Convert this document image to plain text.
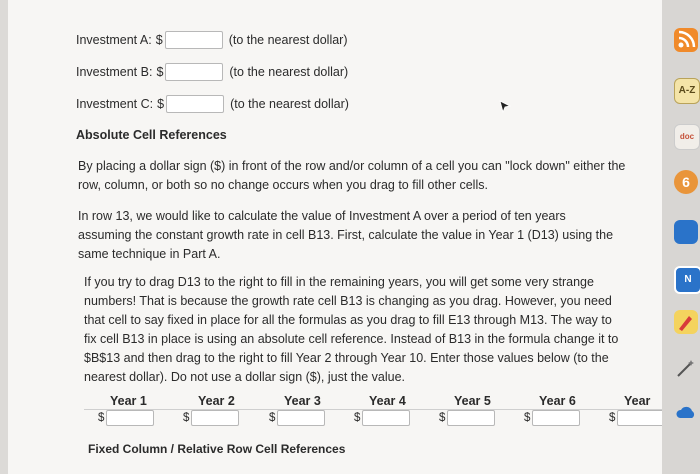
Investment A: $	(to the nearest dollar)
Investment B: $	(to the nearest dollar)
Investment C: $	(to the nearest dollar)
Absolute Cell References
By placing a dollar sign ($) in front of the row and/or column of a cell you can "lock down" either the row, column, or both so no change occurs when you drag to fill other cells.
In row 13, we would like to calculate the value of Investment A over a period of ten years assuming the constant growth rate in cell B13. First, calculate the value in Year 1 (D13) using the same technique in Part A.
If you try to drag D13 to the right to fill in the remaining years, you will get some very strange numbers! That is because the growth rate cell B13 is changing as you drag. However, you need that cell to say fixed in place for all the formulas as you drag to fill E13 through M13. The way to fix cell B13 in place is using an absolute cell reference. Instead of B13 in the formula change it to $B$13 and then drag to the right to fill Year 2 through Year 10. Enter those values below (to the nearest dollar). Do not use a dollar sign ($), just the value.
Year 1	Year 2	Year 3	Year 4	Year 5	Year 6	Year
$	$	$	$	$	$	$
Fixed Column / Relative Row Cell References
A-Z
doc
6
N
